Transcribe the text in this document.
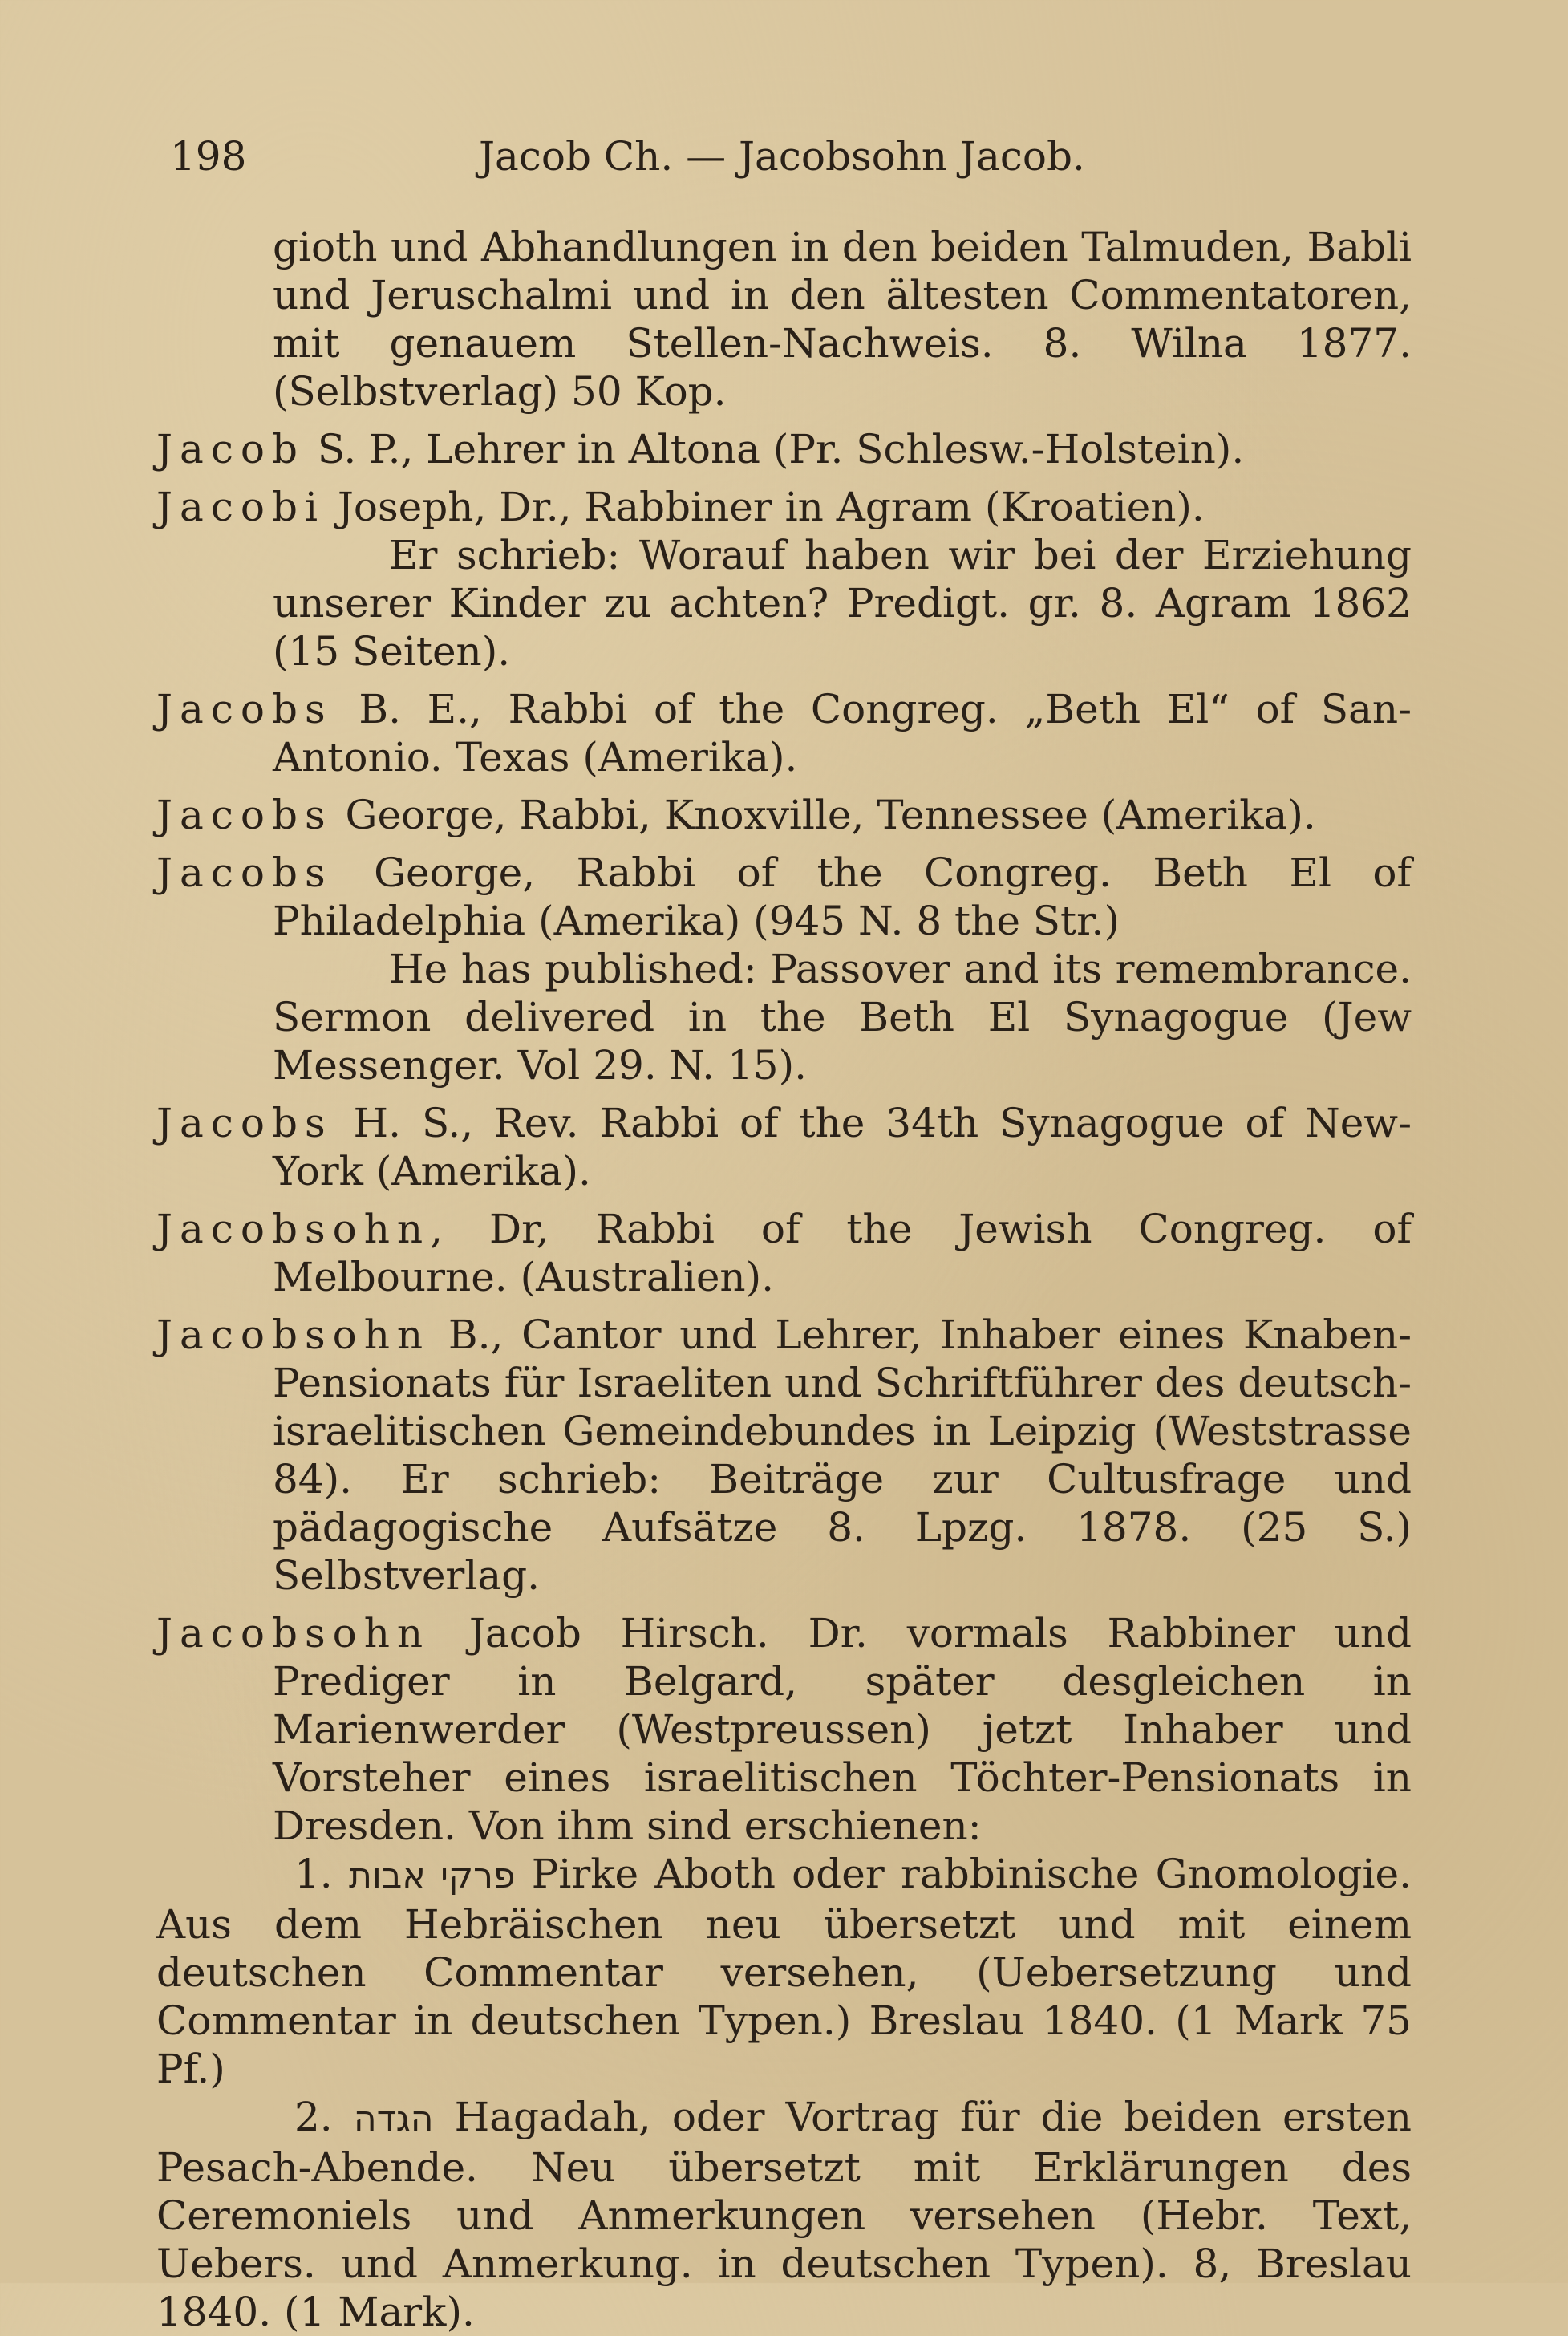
198	Jacob Ch. — Jacobsohn Jacob.

gioth und Abhandlungen in den beiden Talmuden, Babli und Jeruschalmi und in den ältesten Commentatoren, mit genauem Stellen-Nachweis. 8. Wilna 1877. (Selbstverlag) 50 Kop.

Jacob S. P., Lehrer in Altona (Pr. Schlesw.-Holstein).

Jacobi Joseph, Dr., Rabbiner in Agram (Kroatien).

Er schrieb: Worauf haben wir bei der Erziehung unserer Kinder zu achten? Predigt. gr. 8. Agram 1862 (15 Seiten).

Jacobs B. E., Rabbi of the Congreg. „Beth El“ of San-Antonio. Texas (Amerika).

Jacobs George, Rabbi, Knoxville, Tennessee (Amerika).

Jacobs George, Rabbi of the Congreg. Beth El of Philadelphia (Amerika) (945 N. 8 the Str.)

He has published: Passover and its remembrance. Sermon delivered in the Beth El Synagogue (Jew Messenger. Vol 29. N. 15).

Jacobs H. S., Rev. Rabbi of the 34th Synagogue of New-York (Amerika).

Jacobsohn, Dr, Rabbi of the Jewish Congreg. of Melbourne. (Australien).

Jacobsohn B., Cantor und Lehrer, Inhaber eines Knaben-Pensionats für Israeliten und Schriftführer des deutsch-israelitischen Gemeindebundes in Leipzig (Weststrasse 84). Er schrieb: Beiträge zur Cultusfrage und pädagogische Aufsätze 8. Lpzg. 1878. (25 S.) Selbstverlag.

Jacobsohn Jacob Hirsch. Dr. vormals Rabbiner und Prediger in Belgard, später desgleichen in Marienwerder (Westpreussen) jetzt Inhaber und Vorsteher eines israelitischen Töchter-Pensionats in Dresden. Von ihm sind erschienen:

1. פרקי אבות Pirke Aboth oder rabbinische Gnomologie. Aus dem Hebräischen neu übersetzt und mit einem deutschen Commentar versehen, (Uebersetzung und Commentar in deutschen Typen.) Breslau 1840. (1 Mark 75 Pf.)

2. הגדה Hagadah, oder Vortrag für die beiden ersten Pesach-Abende. Neu übersetzt mit Erklärungen des Ceremoniels und Anmerkungen versehen (Hebr. Text, Uebers. und Anmerkung. in deutschen Typen). 8, Breslau 1840. (1 Mark).
